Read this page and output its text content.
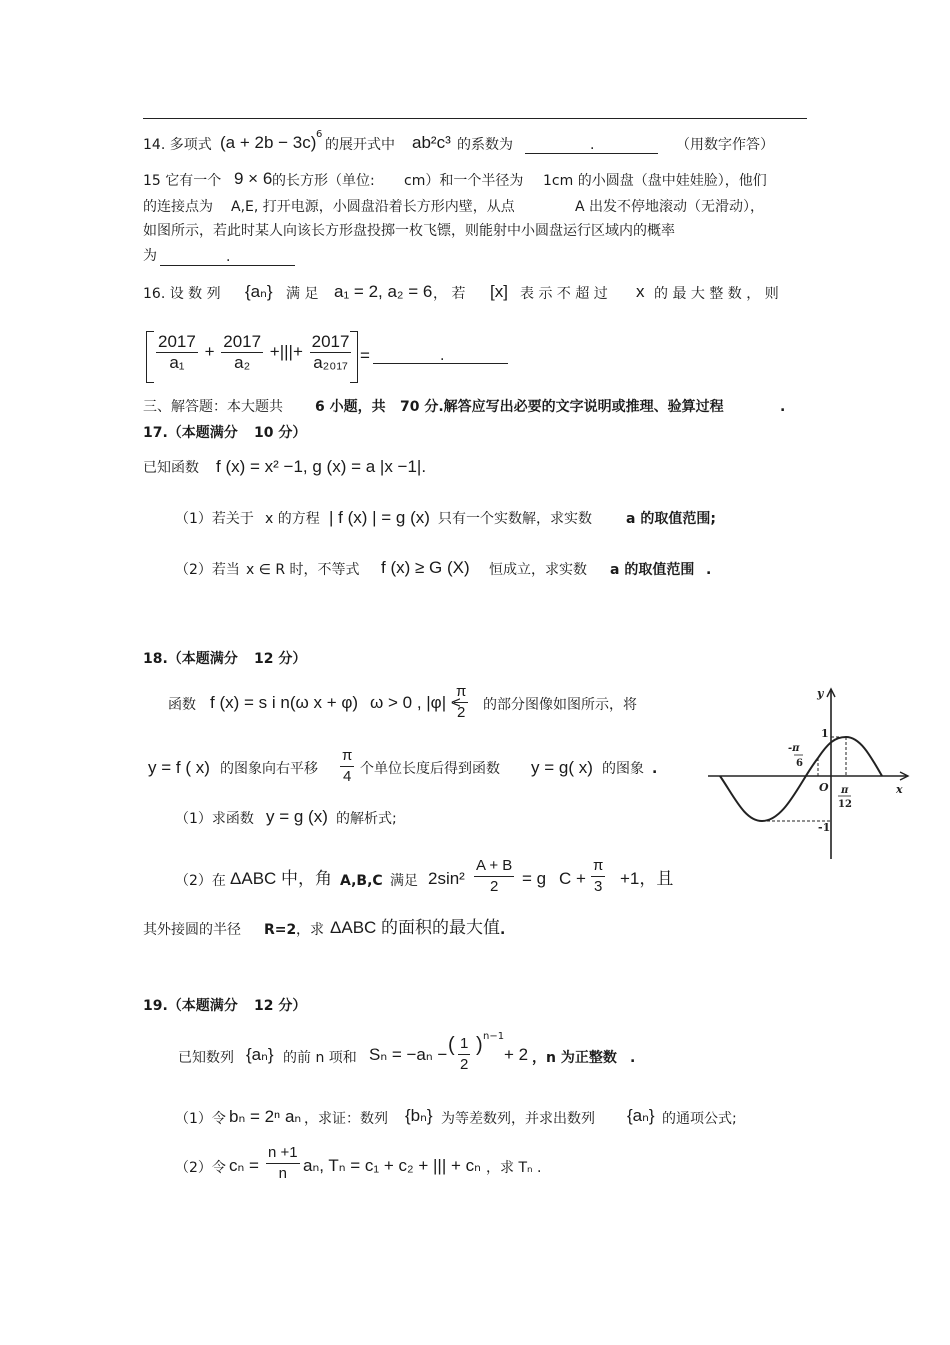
14. 多项式 (a + 2b − 3c) 6
的展开式中 ab²c³ 的系数为	.	（用数字作答）
15 它有一个 9 × 6 的长方形（单位: cm）和一个半径为 1cm 的小圆盘（盘中娃娃脸），他们
的连接点为 A,E, 打开电源，小圆盘沿着长方形内壁，从点	A 出发不停地滚动（无滑动），
如图所示，若此时某人向该长方形盘投掷一枚飞镖，则能射中小圆盘运行区域内的概率
为	.
16. 设 数 列 {aₙ} 满 足 a₁ = 2, a₂ = 6 ， 若 [x] 表 示 不 超 过 x 的 最 大 整 数 ， 则
$\frac{2017}{\text{a₁}} + \frac{2017}{\text{a₂}}$ +|||+ $\frac{2017}{\text{a₂₀₁₇}}$ =	.
三、解答题：本大题共 6 小题，共 70 分.解答应写出必要的文字说明或推理、验算过程	.
17.（本题满分 10 分）
已知函数 f (x) = x² −1, g (x) = a |x −1|.
（1）若关于 x 的方程 | f (x) | = g (x) 只有一个实数解，求实数 a 的取值范围;
（2）若当 x ∈ R 时，不等式 f (x) ≥ G (X) 恒成立，求实数 a 的取值范围 .
18.（本题满分 12 分）
函数 f (x) = s i n(ω x + φ) ω > 0 , |φ| <
$\frac{\pi}{2}$ 的部分图像如图所示，将
y = f ( x) 的图象向右平移 $\frac{\pi}{4}$ 个单位长度后得到函数 y = g( x) 的图象 .
（1）求函数 y = g (x) 的解析式;
（2）在 ΔABC 中，角 A,B,C 满足 $2\sin^2 \frac{A + B}{2} = g$ $C + \frac{\pi}{3} +1$，且
其外接圆的半径 R=2 ，求 ΔABC 的面积的最大值 .
y
x
O
1
-1
-π
6
π
12
19.（本题满分 12 分）
已知数列 {aₙ} 的前 n 项和 Sₙ = −aₙ − ( $\frac{1}{2}$ ) n−1
+ 2 ，n 为正整数 .
（1）令 bₙ = 2ⁿ aₙ ，求证：数列 {bₙ} 为等差数列，并求出数列 {aₙ} 的通项公式;
（2）令 $c_n = \frac{n +1}{n} a_n$, Tₙ = c₁ + c₂ + ||| + cₙ ，求 Tₙ .
